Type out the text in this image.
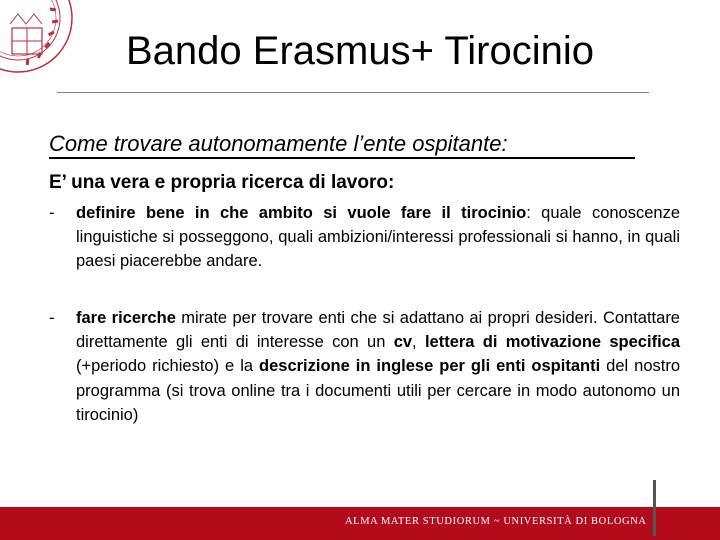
Bando Erasmus+ Tirocinio
Come trovare autonomamente l’ente ospitante:
E’ una vera e propria ricerca di lavoro:
-	definire bene in che ambito si vuole fare il tirocinio: quale conoscenze linguistiche si posseggono, quali ambizioni/interessi professionali si hanno, in quali paesi piacerebbe andare.
-	fare ricerche mirate per trovare enti che si adattano ai propri desideri. Contattare direttamente gli enti di interesse con un cv, lettera di motivazione specifica (+periodo richiesto) e la descrizione in inglese per gli enti ospitanti del nostro programma (si trova online tra i documenti utili per cercare in modo autonomo un tirocinio)
ALMA MATER STUDIORUM ~ UNIVERSITÀ DI BOLOGNA
